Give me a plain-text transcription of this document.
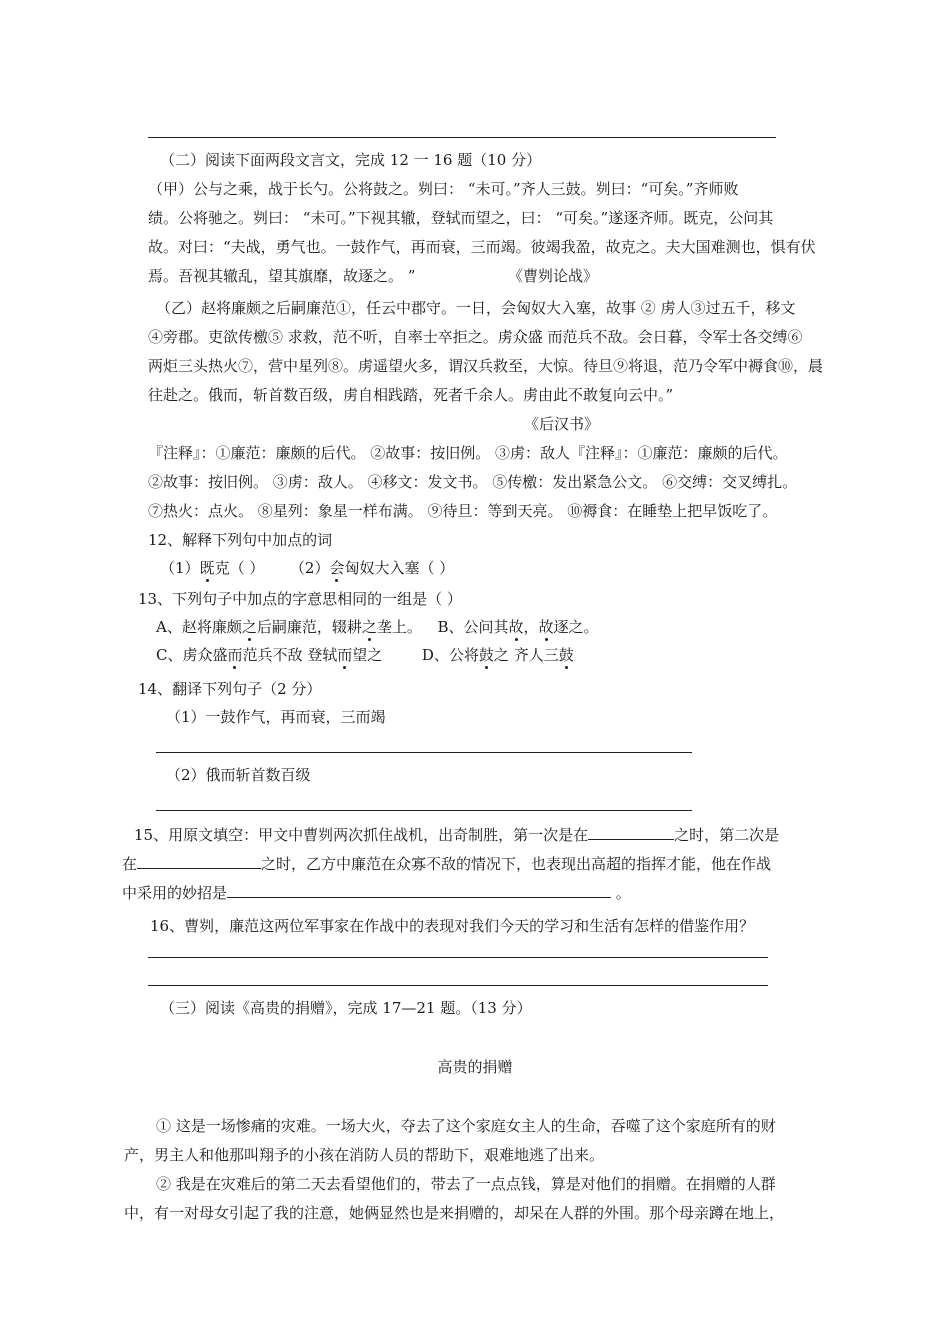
（二）阅读下面两段文言文，完成 12 一 16 题（10 分）
（甲）公与之乘，战于长勺。公将鼓之。刿曰： “未可。”齐人三鼓。刿曰：“可矣。”齐师败
绩。公将驰之。刿曰： “未可。”下视其辙，登轼而望之，曰： “可矣。”遂逐齐师。既克，公问其
故。对曰：“夫战，勇气也。一鼓作气，再而衰，三而竭。彼竭我盈，故克之。夫大国难测也，惧有伏
焉。吾视其辙乱，望其旗靡，故逐之。 ”	《曹刿论战》
（乙）赵将廉颇之后嗣廉范①，任云中郡守。一日，会匈奴大入塞，故事 ② 虏人③过五千，移文
④旁郡。吏欲传檄⑤ 求救，范不听，自率士卒拒之。虏众盛 而范兵不敌。会日暮，令军士各交缚⑥
两炬三头热火⑦，营中星列⑧。虏遥望火多，谓汉兵救至，大惊。待旦⑨将退，范乃令军中褥食⑩，晨
往赴之。俄而，斩首数百级，虏自相践踏，死者千余人。虏由此不敢复向云中。”
《后汉书》
『注释』：①廉范：廉颇的后代。 ②故事：按旧例。 ③虏：敌人『注释』：①廉范：廉颇的后代。
②故事：按旧例。 ③虏：敌人。 ④移文：发文书。 ⑤传檄：发出紧急公文。 ⑥交缚：交叉缚扎。
⑦热火：点火。 ⑧星列：象星一样布满。 ⑨待旦：等到天亮。 ⑩褥食：在睡垫上把早饭吃了。
12、解释下列句中加点的词
（1）既克（ ） （2）会匈奴大入塞（ ）
13、下列句子中加点的字意思相同的一组是（ ）
A、赵将廉颇之后嗣廉范，辍耕之垄上。 B、公问其故，故逐之。
C、虏众盛而范兵不敌 登轼而望之	D、公将鼓之 齐人三鼓
14、翻译下列句子（2 分）
（1）一鼓作气，再而衰，三而竭
（2）俄而斩首数百级
15、用原文填空：甲文中曹刿两次抓住战机，出奇制胜，第一次是在	之时，第二次是
在	之时，乙方中廉范在众寡不敌的情况下，也表现出高超的指挥才能，他在作战
中采用的妙招是	。
16、曹刿，廉范这两位军事家在作战中的表现对我们今天的学习和生活有怎样的借鉴作用？
（三）阅读《高贵的捐赠》，完成 17—21 题。（13 分）
高贵的捐赠
① 这是一场惨痛的灾难。一场大火，夺去了这个家庭女主人的生命，吞噬了这个家庭所有的财
产，男主人和他那叫翔予的小孩在消防人员的帮助下，艰难地逃了出来。
② 我是在灾难后的第二天去看望他们的，带去了一点点钱，算是对他们的捐赠。在捐赠的人群
中，有一对母女引起了我的注意，她俩显然也是来捐赠的，却呆在人群的外围。那个母亲蹲在地上，
